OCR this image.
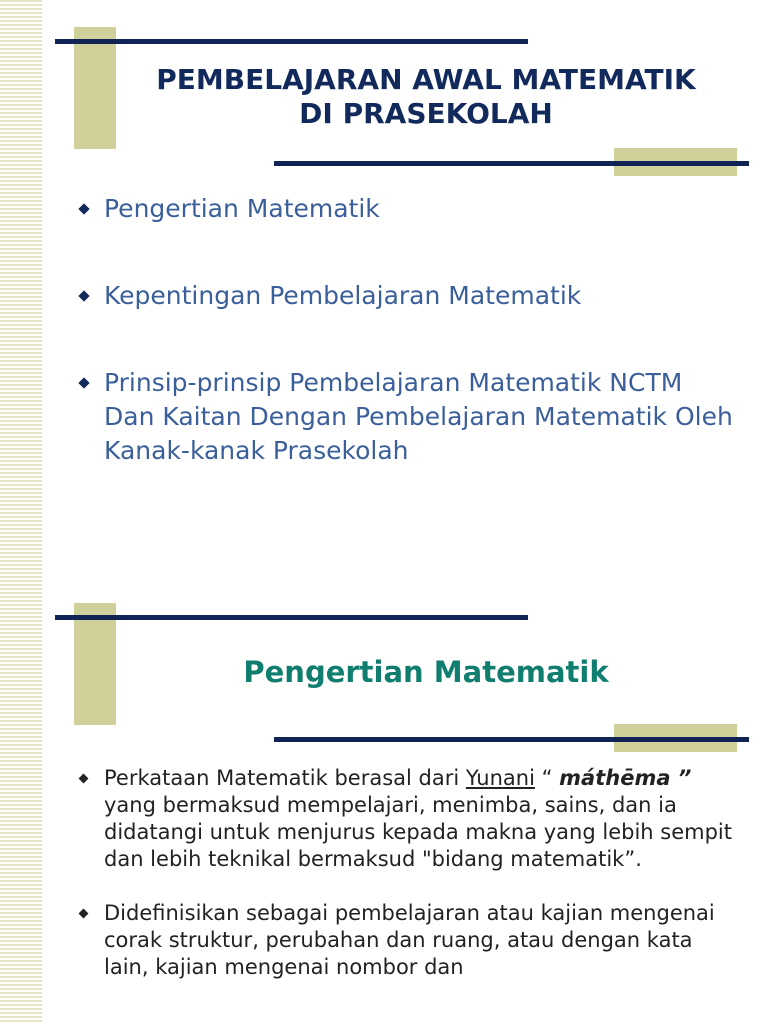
PEMBELAJARAN AWAL MATEMATIK
DI PRASEKOLAH
Pengertian Matematik
Kepentingan Pembelajaran Matematik
Prinsip-prinsip Pembelajaran Matematik NCTM Dan Kaitan Dengan Pembelajaran Matematik Oleh Kanak-kanak Prasekolah
Pengertian Matematik
Perkataan Matematik berasal dari Yunani “ máthēma ” yang bermaksud mempelajari, menimba, sains, dan ia didatangi untuk menjurus kepada makna yang lebih sempit dan lebih teknikal bermaksud "bidang matematik”.
Didefinisikan sebagai pembelajaran atau kajian mengenai corak struktur, perubahan dan ruang, atau dengan kata lain, kajian mengenai nombor dan
